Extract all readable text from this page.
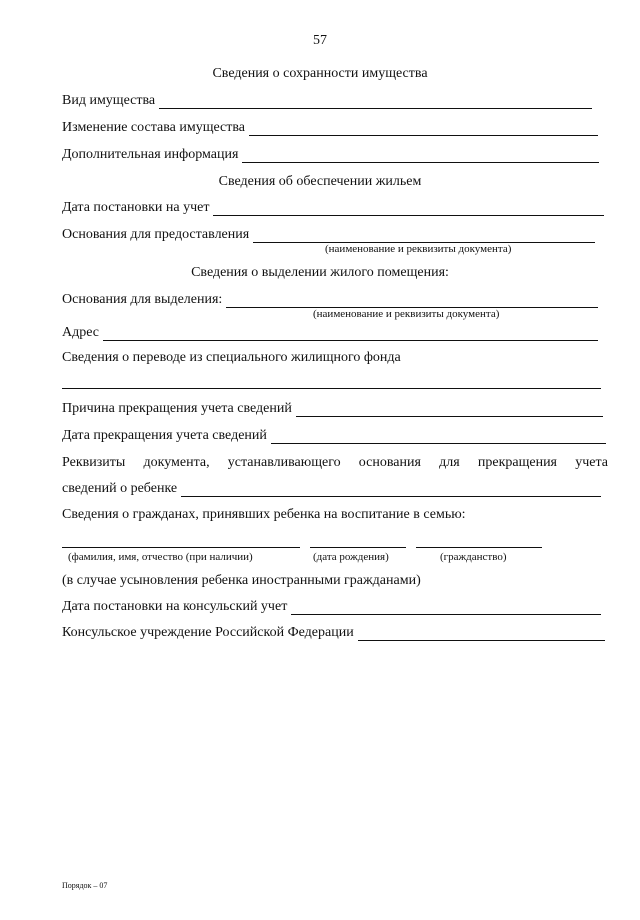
57
Сведения о сохранности имущества
Вид имущества
Изменение состава имущества
Дополнительная информация
Сведения об обеспечении жильем
Дата постановки на учет
Основания для предоставления
(наименование и реквизиты документа)
Сведения о выделении жилого помещения:
Основания для выделения:
(наименование и реквизиты документа)
Адрес
Сведения о переводе из специального жилищного фонда
Причина прекращения учета сведений
Дата прекращения учета сведений
Реквизиты документа, устанавливающего основания для прекращения учета
сведений о ребенке
Сведения о гражданах, принявших ребенка на воспитание в семью:
(фамилия, имя, отчество (при наличии)	(дата рождения)	(гражданство)
(в случае усыновления ребенка иностранными гражданами)
Дата постановки на консульский учет
Консульское учреждение Российской Федерации
Порядок – 07
